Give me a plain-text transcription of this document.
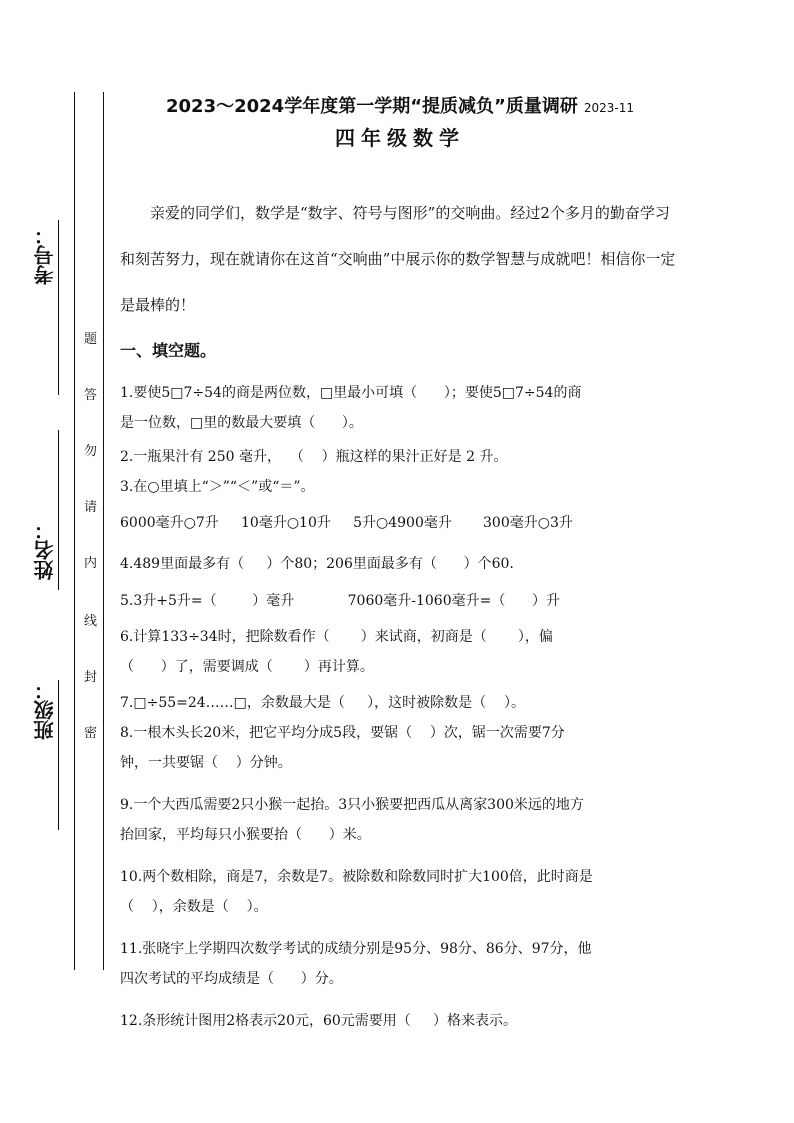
考号：
姓名：
班级：
题
答
勿
请
内
线
封
密
2023～2024学年度第一学期“提质减负”质量调研 2023-11
四年级数学
亲爱的同学们，数学是“数字、符号与图形”的交响曲。经过2个多月的勤奋学习和刻苦努力，现在就请你在这首“交响曲”中展示你的数学智慧与成就吧！相信你一定是最棒的！
一、填空题。
1.要使5□7÷54的商是两位数，□里最小可填（      ）；要使5□7÷54的商
是一位数，□里的数最大要填（      ）。
2.一瓶果汁有 250 毫升，  （    ）瓶这样的果汁正好是 2 升。
3.在○里填上“＞”“＜”或“＝”。
6000毫升○7升     10毫升○10升     5升○4900毫升       300毫升○3升
4.489里面最多有（     ）个80；206里面最多有（      ）个60.
5.3升+5升=（        ）毫升            7060毫升-1060毫升=（      ）升
6.计算133÷34时，把除数看作（       ）来试商，初商是（       ），偏
（      ）了，需要调成（       ）再计算。
7.□÷55=24……□，余数最大是（     ），这时被除数是（    ）。
8.一根木头长20米，把它平均分成5段，要锯（    ）次，锯一次需要7分
钟，一共要锯（    ）分钟。
9.一个大西瓜需要2只小猴一起抬。3只小猴要把西瓜从离家300米远的地方
抬回家，平均每只小猴要抬（      ）米。
10.两个数相除，商是7，余数是7。被除数和除数同时扩大100倍，此时商是
（    ），余数是（    ）。
11.张晓宇上学期四次数学考试的成绩分别是95分、98分、86分、97分，他
四次考试的平均成绩是（      ）分。
12.条形统计图用2格表示20元，60元需要用（     ）格来表示。
